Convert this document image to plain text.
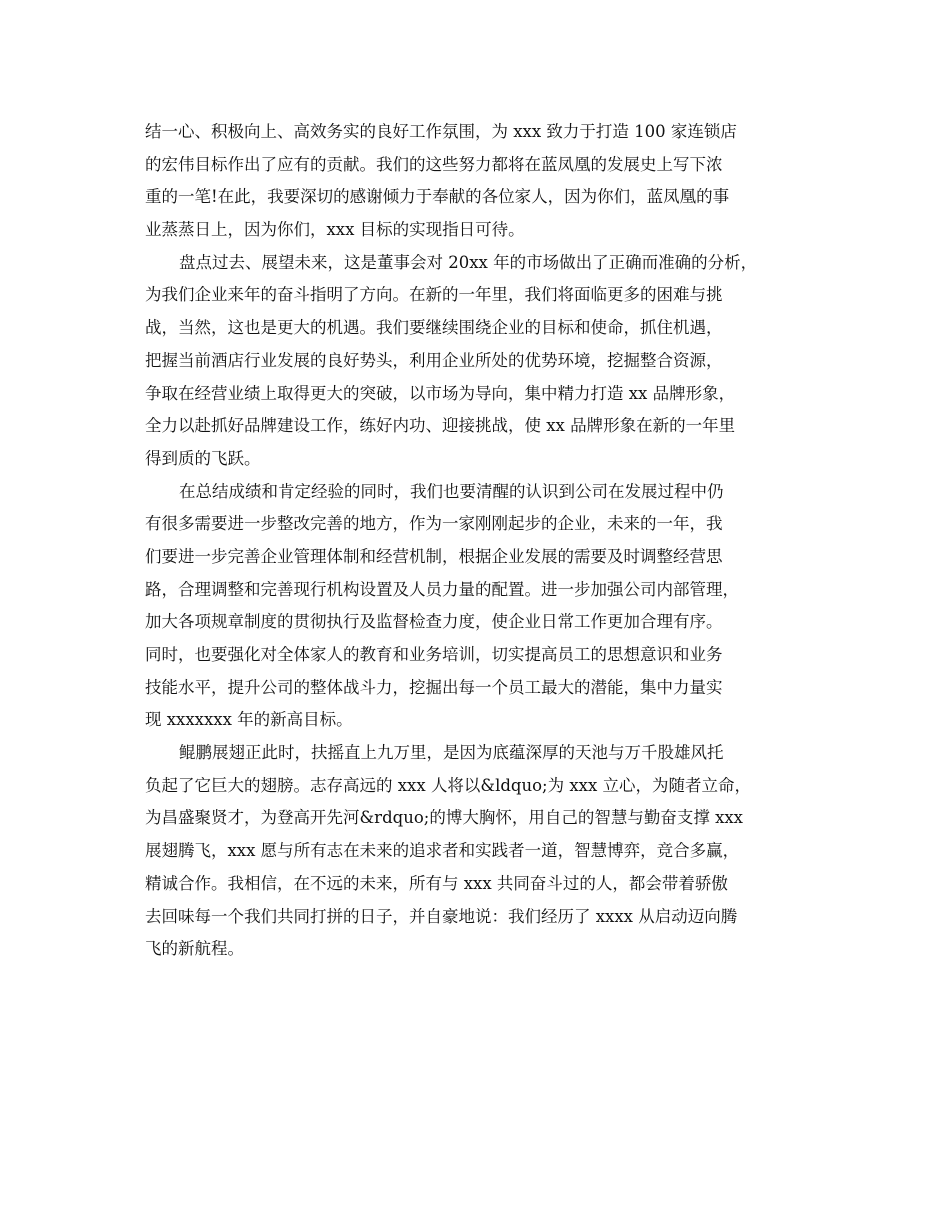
结一心、积极向上、高效务实的良好工作氛围，为 xxx 致力于打造 100 家连锁店
的宏伟目标作出了应有的贡献。我们的这些努力都将在蓝凤凰的发展史上写下浓
重的一笔!在此，我要深切的感谢倾力于奉献的各位家人，因为你们，蓝凤凰的事
业蒸蒸日上，因为你们，xxx 目标的实现指日可待。
盘点过去、展望未来，这是董事会对 20xx 年的市场做出了正确而准确的分析，
为我们企业来年的奋斗指明了方向。在新的一年里，我们将面临更多的困难与挑
战，当然，这也是更大的机遇。我们要继续围绕企业的目标和使命，抓住机遇，
把握当前酒店行业发展的良好势头，利用企业所处的优势环境，挖掘整合资源，
争取在经营业绩上取得更大的突破，以市场为导向，集中精力打造 xx 品牌形象，
全力以赴抓好品牌建设工作，练好内功、迎接挑战，使 xx 品牌形象在新的一年里
得到质的飞跃。
在总结成绩和肯定经验的同时，我们也要清醒的认识到公司在发展过程中仍
有很多需要进一步整改完善的地方，作为一家刚刚起步的企业，未来的一年，我
们要进一步完善企业管理体制和经营机制，根据企业发展的需要及时调整经营思
路，合理调整和完善现行机构设置及人员力量的配置。进一步加强公司内部管理，
加大各项规章制度的贯彻执行及监督检查力度，使企业日常工作更加合理有序。
同时，也要强化对全体家人的教育和业务培训，切实提高员工的思想意识和业务
技能水平，提升公司的整体战斗力，挖掘出每一个员工最大的潜能，集中力量实
现 xxxxxxx 年的新高目标。
鲲鹏展翅正此时，扶摇直上九万里，是因为底蕴深厚的天池与万千股雄风托
负起了它巨大的翅膀。志存高远的 xxx 人将以&ldquo;为 xxx 立心，为随者立命，
为昌盛聚贤才，为登高开先河&rdquo;的博大胸怀，用自己的智慧与勤奋支撑 xxx
展翅腾飞，xxx 愿与所有志在未来的追求者和实践者一道，智慧博弈，竞合多赢，
精诚合作。我相信，在不远的未来，所有与 xxx 共同奋斗过的人，都会带着骄傲
去回味每一个我们共同打拼的日子，并自豪地说：我们经历了 xxxx 从启动迈向腾
飞的新航程。
